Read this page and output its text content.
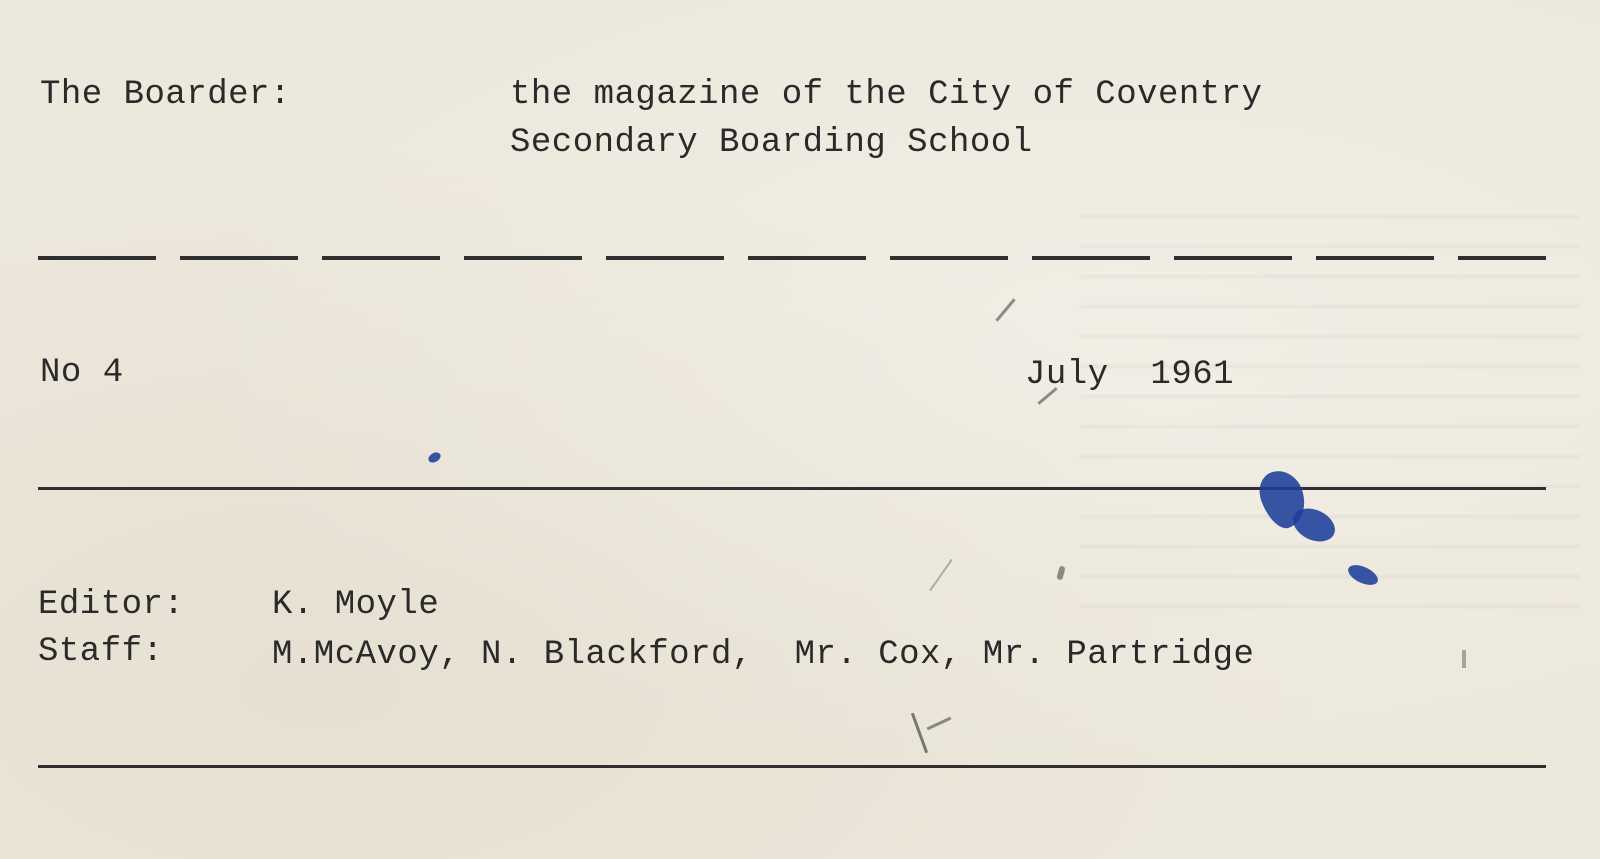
The Boarder:	the magazine of the City of Coventry
Secondary Boarding School
No 4	July  1961
Editor:	K. Moyle
Staff:	M.McAvoy, N. Blackford,  Mr. Cox, Mr. Partridge
